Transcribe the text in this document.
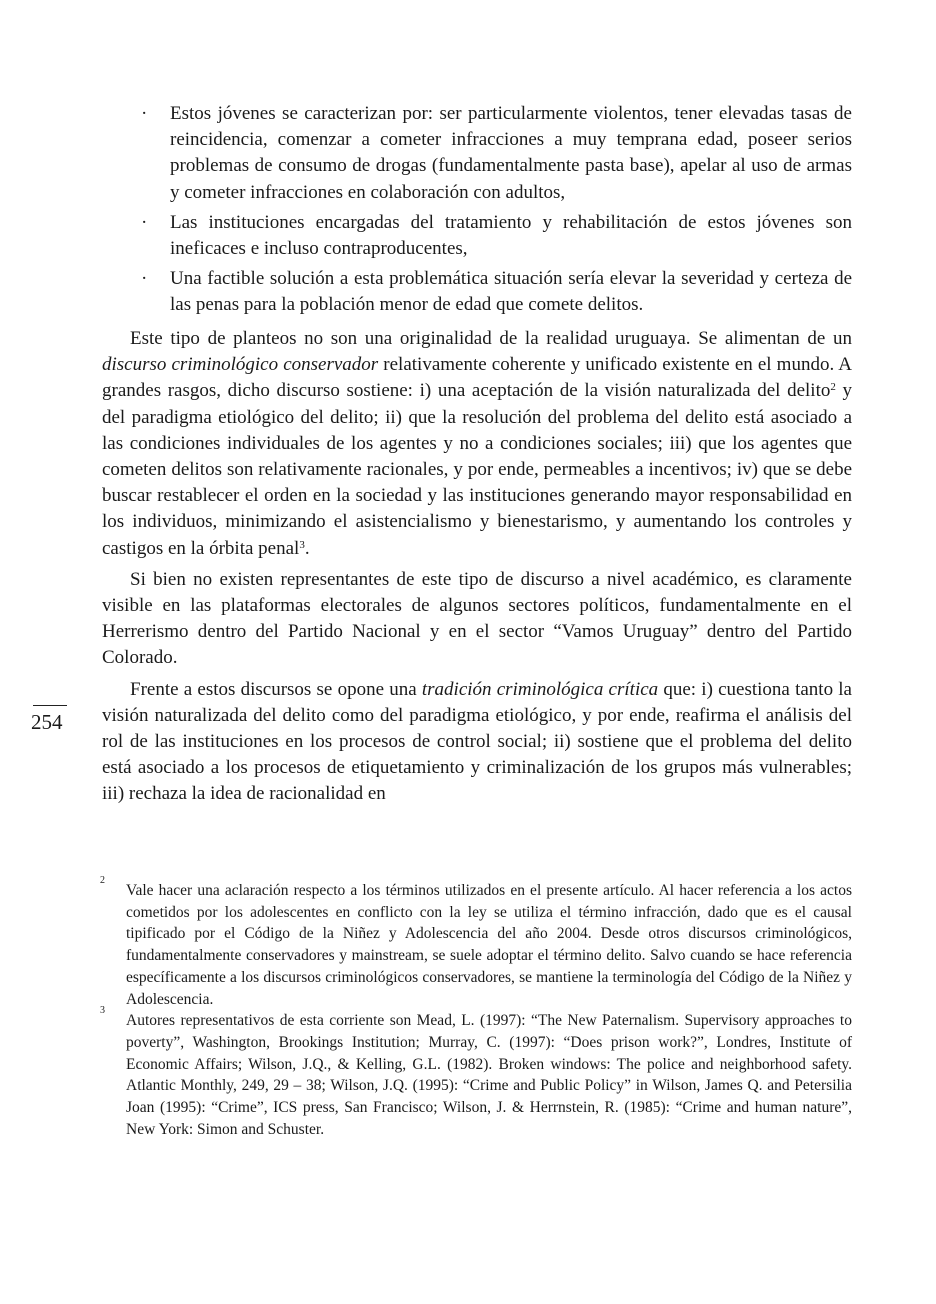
· Estos jóvenes se caracterizan por: ser particularmente violentos, tener elevadas tasas de reincidencia, comenzar a cometer infracciones a muy temprana edad, poseer serios problemas de consumo de drogas (fundamentalmente pasta base), apelar al uso de armas y cometer infracciones en colaboración con adultos,
· Las instituciones encargadas del tratamiento y rehabilitación de estos jóvenes son ineficaces e incluso contraproducentes,
· Una factible solución a esta problemática situación sería elevar la severidad y certeza de las penas para la población menor de edad que comete delitos.

Este tipo de planteos no son una originalidad de la realidad uruguaya. Se alimentan de un discurso criminológico conservador relativamente coherente y unificado existente en el mundo. A grandes rasgos, dicho discurso sostiene: i) una aceptación de la visión naturalizada del delito$^2$ y del paradigma etiológico del delito; ii) que la resolución del problema del delito está asociado a las condiciones individuales de los agentes y no a condiciones sociales; iii) que los agentes que cometen delitos son relativamente racionales, y por ende, permeables a incentivos; iv) que se debe buscar restablecer el orden en la sociedad y las instituciones generando mayor responsabilidad en los individuos, minimizando el asistencialismo y bienestarismo, y aumentando los controles y castigos en la órbita penal$^3$.

Si bien no existen representantes de este tipo de discurso a nivel académico, es claramente visible en las plataformas electorales de algunos sectores políticos, fundamentalmente en el Herrerismo dentro del Partido Nacional y en el sector “Vamos Uruguay” dentro del Partido Colorado.

Frente a estos discursos se opone una tradición criminológica crítica que: i) cuestiona tanto la visión naturalizada del delito como del paradigma etiológico, y por ende, reafirma el análisis del rol de las instituciones en los procesos de control social; ii) sostiene que el problema del delito está asociado a los procesos de etiquetamiento y criminalización de los grupos más vulnerables; iii) rechaza la idea de racionalidad en

254
2
Vale hacer una aclaración respecto a los términos utilizados en el presente artículo. Al hacer referencia a los actos cometidos por los adolescentes en conflicto con la ley se utiliza el término infracción, dado que es el causal tipificado por el Código de la Niñez y Adolescencia del año 2004. Desde otros discursos criminológicos, fundamentalmente conservadores y mainstream, se suele adoptar el término delito. Salvo cuando se hace referencia específicamente a los discursos criminológicos conservadores, se mantiene la terminología del Código de la Niñez y Adolescencia.
3
Autores representativos de esta corriente son Mead, L. (1997): “The New Paternalism. Supervisory approaches to poverty”, Washington, Brookings Institution; Murray, C. (1997): “Does prison work?”, Londres, Institute of Economic Affairs; Wilson, J.Q., & Kelling, G.L. (1982). Broken windows: The police and neighborhood safety. Atlantic Monthly, 249, 29 – 38; Wilson, J.Q. (1995): “Crime and Public Policy” in Wilson, James Q. and Petersilia Joan (1995): “Crime”, ICS press, San Francisco; Wilson, J. & Herrnstein, R. (1985): “Crime and human nature”, New York: Simon and Schuster.
